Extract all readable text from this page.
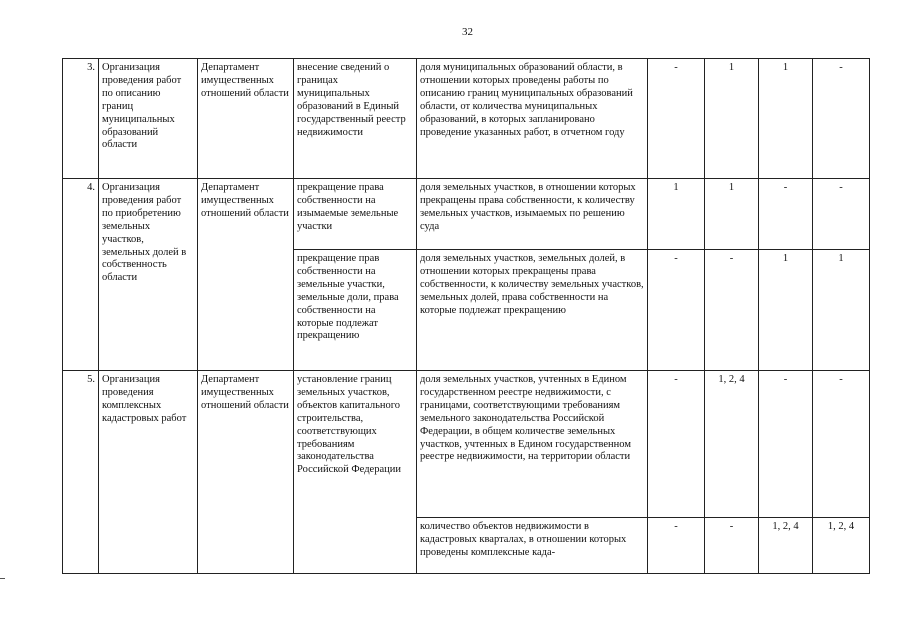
32
3.	Организация проведения работ по описанию границ муниципальных образований области	Департамент имущественных отношений области	внесение сведений о границах муниципальных образований в Единый государственный реестр недвижимости	доля муниципальных образований области, в отношении которых проведены работы по описанию границ муниципальных образований области, от количества муниципальных образований, в которых запланировано проведение указанных работ, в отчетном году	-	1	1	-
4.	Организация проведения работ по приобретению земельных участков, земельных долей в собственность области	Департамент имущественных отношений области	прекращение права собственности на изымаемые земельные участки	доля земельных участков, в отношении которых прекращены права собственности, к количеству земельных участков, изымаемых по решению суда	1	1	-	-
			прекращение прав собственности на земельные участки, земельные доли, права собственности на которые подлежат прекращению	доля земельных участков, земельных долей, в отношении которых прекращены права собственности, к количеству земельных участков, земельных долей, права собственности на которые подлежат прекращению	-	-	1	1
5.	Организация проведения комплексных кадастровых работ	Департамент имущественных отношений области	установление границ земельных участков, объектов капитального строительства, соответствующих требованиям законодательства Российской Федерации	доля земельных участков, учтенных в Едином государственном реестре недвижимости, с границами, соответствующими требованиям земельного законодательства Российской Федерации, в общем количестве земельных участков, учтенных в Едином государственном реестре недвижимости, на территории области	-	1, 2, 4	-	-
				количество объектов недвижимости в кадастровых кварталах, в отношении которых проведены комплексные када-	-	-	1, 2, 4	1, 2, 4
